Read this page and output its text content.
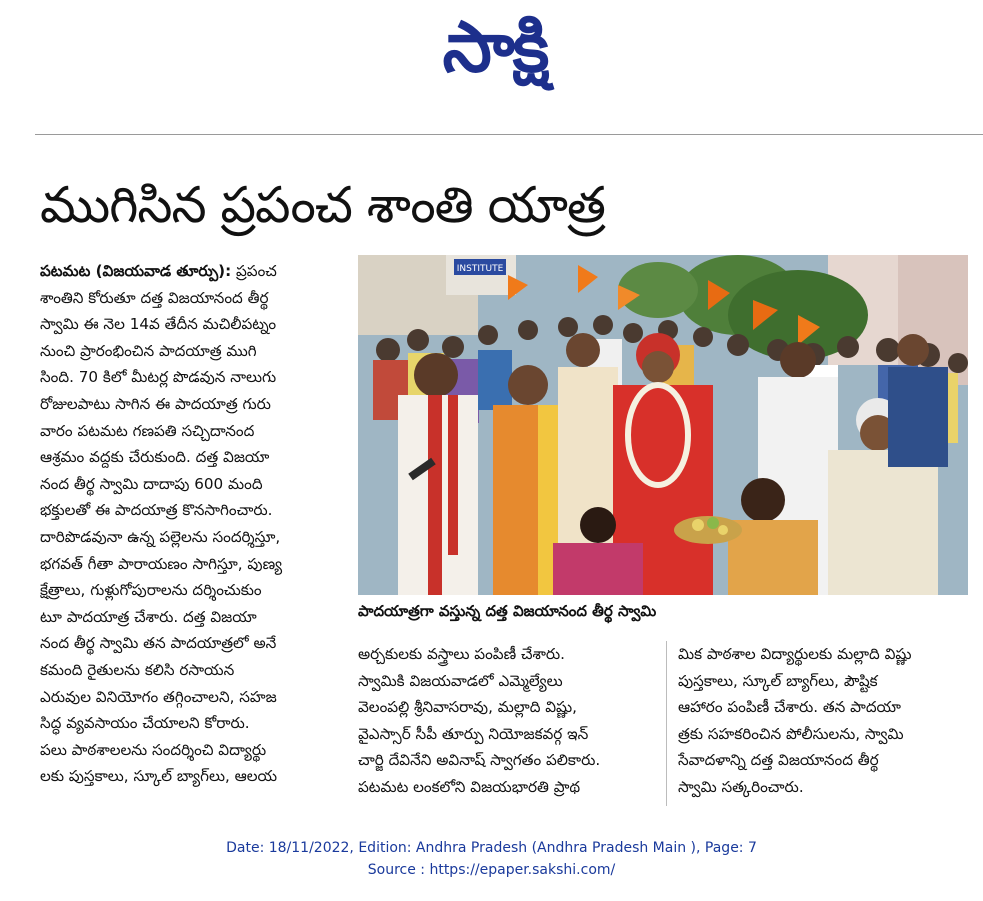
సాక్షి
ముగిసిన ప్రపంచ శాంతి యాత్ర
పటమట (విజయవాడ తూర్పు): ప్రపంచ
శాంతిని కోరుతూ దత్త విజయానంద తీర్థ
స్వామి ఈ నెల 14వ తేదీన మచిలీపట్నం
నుంచి ప్రారంభించిన పాదయాత్ర ముగి
సింది. 70 కిలో మీటర్ల పొడవున నాలుగు
రోజులపాటు సాగిన ఈ పాదయాత్ర గురు
వారం పటమట గణపతి సచ్చిదానంద
ఆశ్రమం వద్దకు చేరుకుంది. దత్త విజయా
నంద తీర్థ స్వామి దాదాపు 600 మంది
భక్తులతో ఈ పాదయాత్ర కొనసాగించారు.
దారిపొడవునా ఉన్న పల్లెలను సందర్శిస్తూ,
భగవత్ గీతా పారాయణం సాగిస్తూ, పుణ్య
క్షేత్రాలు, గుళ్లుగోపురాలను దర్శించుకుం
టూ పాదయాత్ర చేశారు. దత్త విజయా
నంద తీర్థ స్వామి తన పాదయాత్రలో అనే
కమంది రైతులను కలిసి రసాయన
ఎరువుల వినియోగం తగ్గించాలని, సహజ
సిద్ధ వ్యవసాయం చేయాలని కోరారు.
పలు పాఠశాలలను సందర్శించి విద్యార్థు
లకు పుస్తకాలు, స్కూల్ బ్యాగ్‌లు, ఆలయ
INSTITUTE
పాదయాత్రగా వస్తున్న దత్త విజయానంద తీర్థ స్వామి
అర్చకులకు వస్త్రాలు పంపిణీ చేశారు.
స్వామికి విజయవాడలో ఎమ్మెల్యేలు
వెలంపల్లి శ్రీనివాసరావు, మల్లాది విష్ణు,
వైఎస్సార్ సీపీ తూర్పు నియోజకవర్గ ఇన్
చార్జి దేవినేని అవినాష్ స్వాగతం పలికారు.
పటమట లంకలోని విజయభారతి ప్రాథ
మిక పాఠశాల విద్యార్థులకు మల్లాది విష్ణు
పుస్తకాలు, స్కూల్ బ్యాగ్‌లు, పౌష్టిక
ఆహారం పంపిణీ చేశారు. తన పాదయా
త్రకు సహకరించిన పోలీసులను, స్వామి
సేవాదళాన్ని దత్త విజయానంద తీర్థ
స్వామి సత్కరించారు.
Date: 18/11/2022, Edition: Andhra Pradesh (Andhra Pradesh Main ), Page: 7
Source : https://epaper.sakshi.com/
